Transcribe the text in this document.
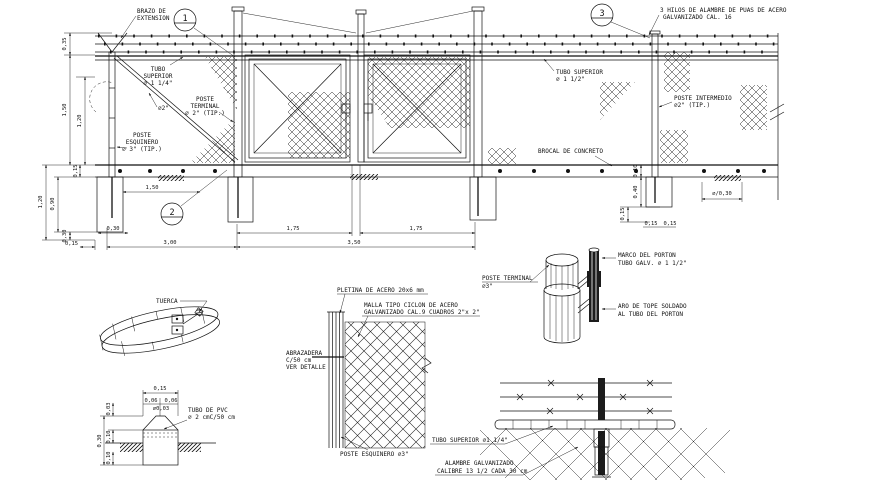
1	3
2
BRAZO DE
EXTENSION
3 HILOS DE ALAMBRE DE PUAS DE ACERO
GALVANIZADO CAL. 16
TUBO
SUPERIOR
∅ 1 1/4"
POSTE
TERMINAL
∅ 2" (TIP.)
∅2"
POSTE
ESQUINERO
∅ 3" (TIP.)
TUBO SUPERIOR
∅ 1 1/2"
POSTE INTERMEDIO
∅2" (TIP.)
BROCAL DE CONCRETO
0,35
1,50
1,20
0,15
0,90
1,20
0,30
1,50
0,30
0,15	3,00
1,75	1,75
3,50
0,10
0,40
0,15
0,15 0,15
∅/0,30
TUERCA
0,15
0,06 0,06
∅0,03
0,03
0,10
0,30
0,10
TUBO DE PVC
∅ 2 cmC/50 cm
PLETINA DE ACERO 20x6 mm
MALLA TIPO CICLON DE ACERO
GALVANIZADO CAL.9 CUADROS 2"x 2"
ABRAZADERA
C/50 cm
VER DETALLE
POSTE ESQUINERO ∅3"
POSTE TERMINAL
∅3"
MARCO DEL PORTON
TUBO GALV. ∅ 1 1/2"
ARO DE TOPE SOLDADO
AL TUBO DEL PORTON
TUBO SUPERIOR ∅1 1/4"
ALAMBRE GALVANIZADO
CALIBRE 13 1/2 CADA 30 cm
